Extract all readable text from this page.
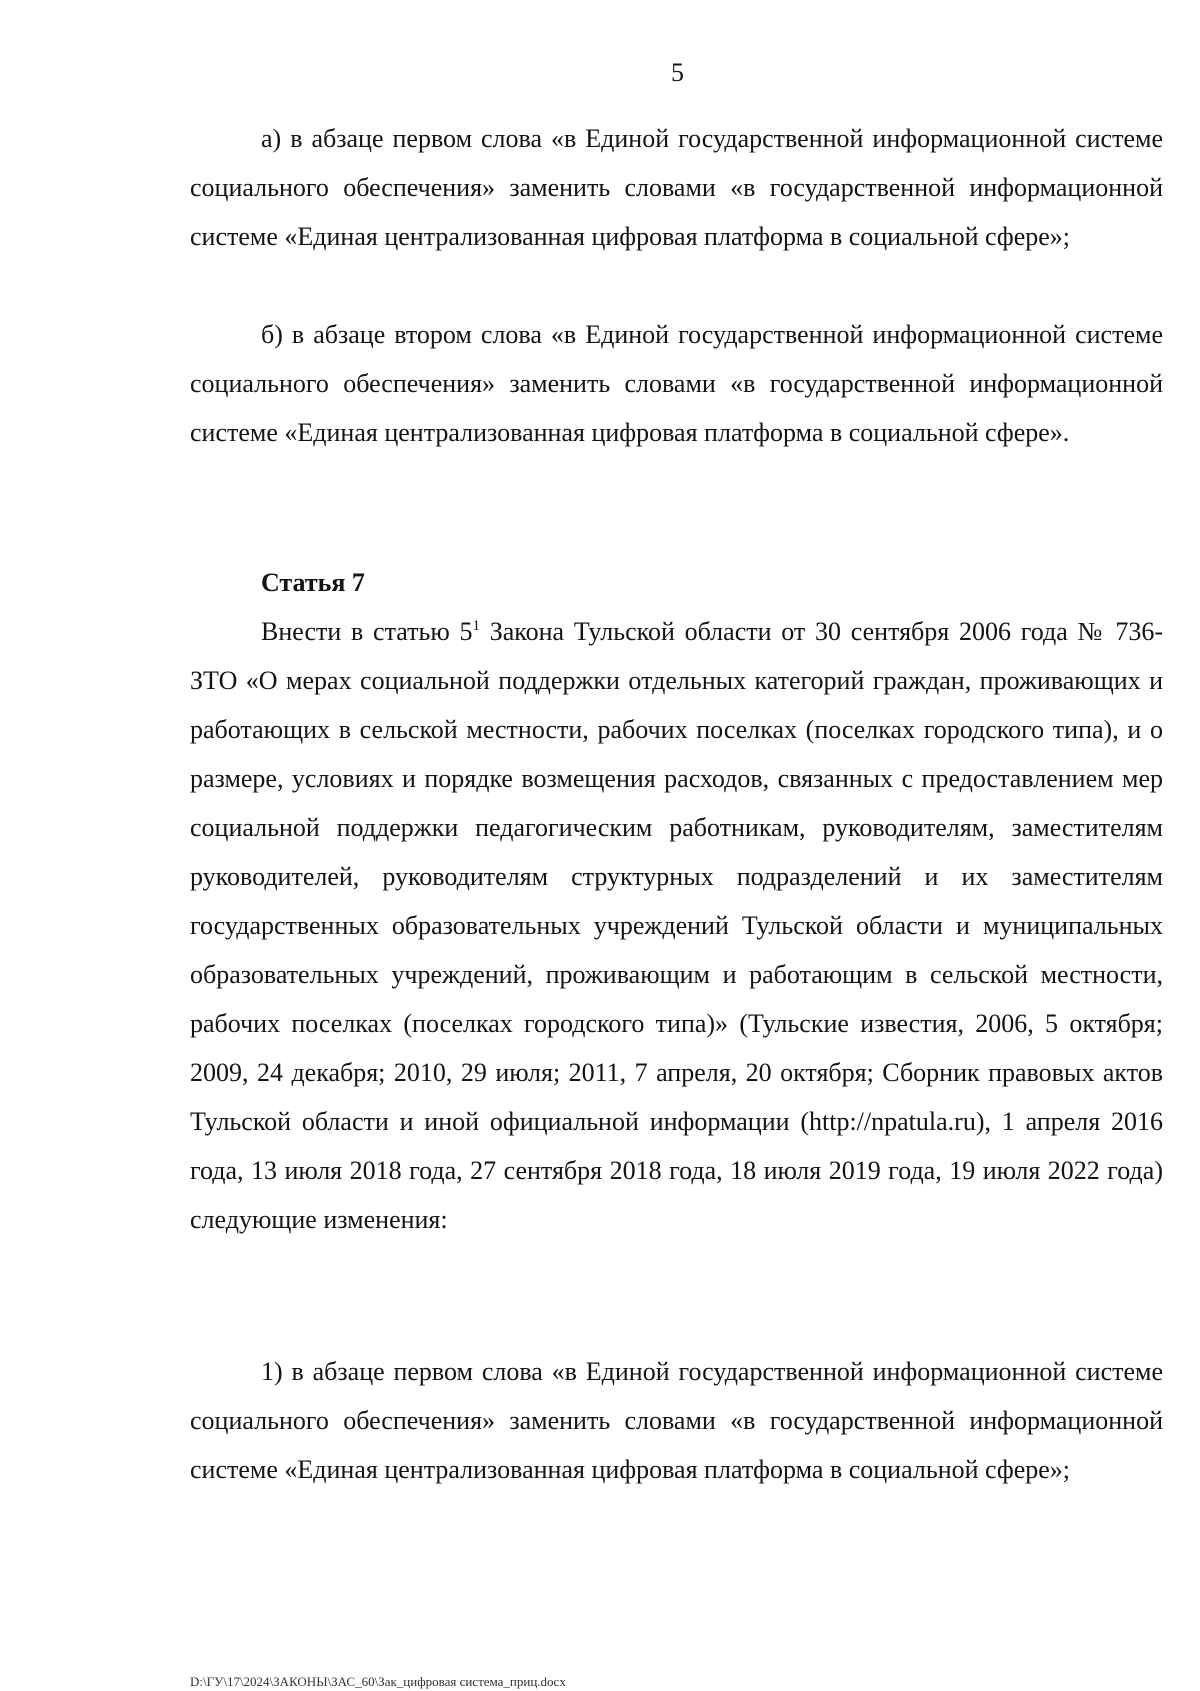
5

а) в абзаце первом слова «в Единой государственной информационной системе социального обеспечения» заменить словами «в государственной информационной системе «Единая централизованная цифровая платформа в социальной сфере»;

б) в абзаце втором слова «в Единой государственной информационной системе социального обеспечения» заменить словами «в государственной информационной системе «Единая централизованная цифровая платформа в социальной сфере».

Статья 7

Внести в статью $5^1$ Закона Тульской области от 30 сентября 2006 года № 736-ЗТО «О мерах социальной поддержки отдельных категорий граждан, проживающих и работающих в сельской местности, рабочих поселках (поселках городского типа), и о размере, условиях и порядке возмещения расходов, связанных с предоставлением мер социальной поддержки педагогическим работникам, руководителям, заместителям руководителей, руководителям структурных подразделений и их заместителям государственных образовательных учреждений Тульской области и муниципальных образовательных учреждений, проживающим и работающим в сельской местности, рабочих поселках (поселках городского типа)» (Тульские известия, 2006, 5 октября; 2009, 24 декабря; 2010, 29 июля; 2011, 7 апреля, 20 октября; Сборник правовых актов Тульской области и иной официальной информации (http://npatula.ru), 1 апреля 2016 года, 13 июля 2018 года, 27 сентября 2018 года, 18 июля 2019 года, 19 июля 2022 года) следующие изменения:

1) в абзаце первом слова «в Единой государственной информационной системе социального обеспечения» заменить словами «в государственной информационной системе «Единая централизованная цифровая платформа в социальной сфере»;

D:\ГУ\17\2024\ЗАКОНЫ\ЗАС_60\Зак_цифровая система_приц.docx
